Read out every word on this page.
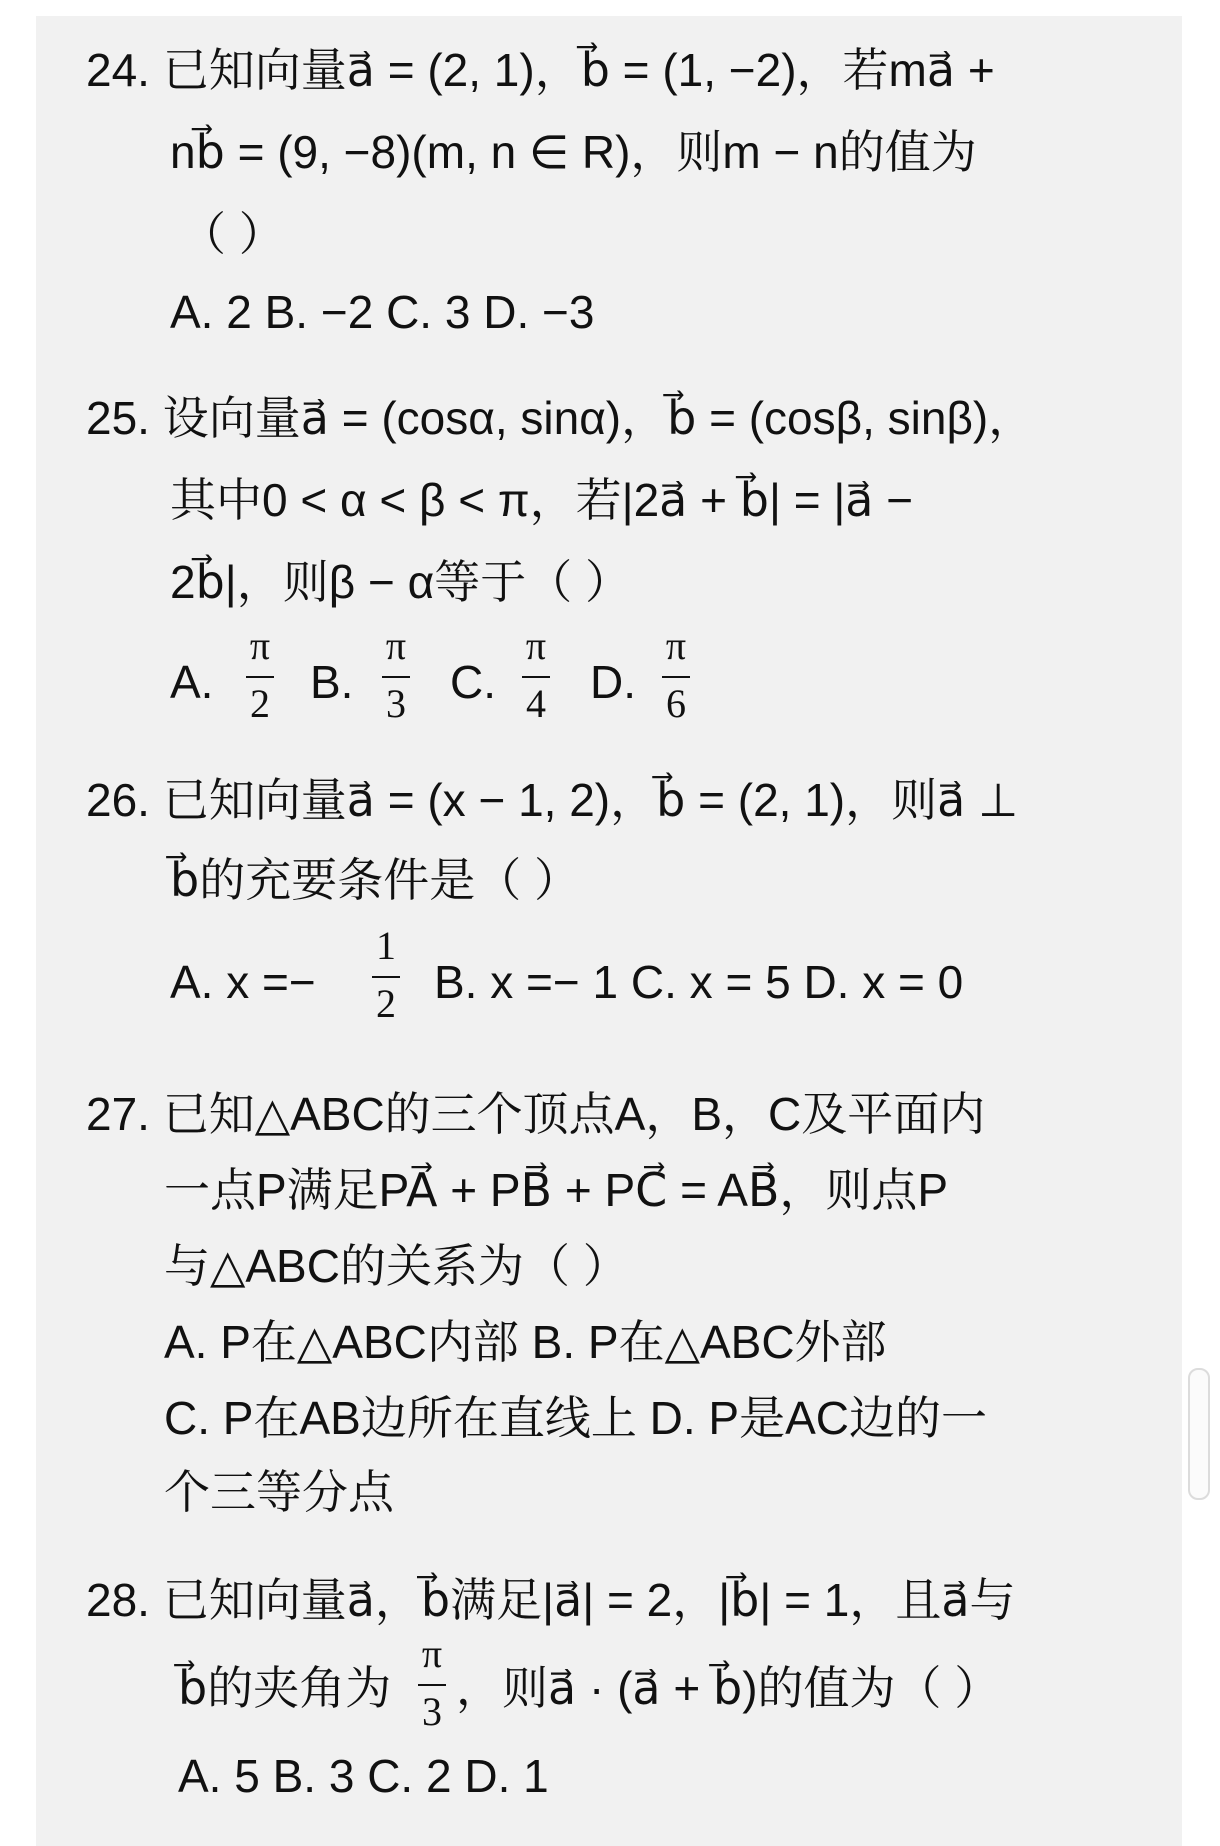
24. 已知向量a⃗ = (2, 1)，b⃗ = (1, −2)，若ma⃗ +
nb⃗ = (9, −8)(m, n ∈ R)，则m − n的值为
（ ）
A. 2 B. −2 C. 3 D. −3
25. 设向量a⃗ = (cosα, sinα)，b⃗ = (cosβ, sinβ)，
其中0 < α < β < π，若|2a⃗ + b⃗| = |a⃗ −
2b⃗|，则β − α等于（ ）
A.
π
2 B.
π
3 C.
π
4 D.
π
6
26. 已知向量a⃗ = (x − 1, 2)，b⃗ = (2, 1)，则a⃗ ⊥
b⃗的充要条件是（ ）
A. x =−
1
2 B. x =− 1 C. x = 5 D. x = 0
27. 已知△ABC的三个顶点A，B，C及平面内
一点P满足PA⃗ + PB⃗ + PC⃗ = AB⃗，则点P
与△ABC的关系为（ ）
A. P在△ABC内部 B. P在△ABC外部
C. P在AB边所在直线上 D. P是AC边的一
个三等分点
28. 已知向量a⃗，b⃗满足|a⃗| = 2，|b⃗| = 1，且a⃗与
b⃗的夹角为
π
3 ，则a⃗ · (a⃗ + b⃗)的值为（ ）
A. 5 B. 3 C. 2 D. 1
